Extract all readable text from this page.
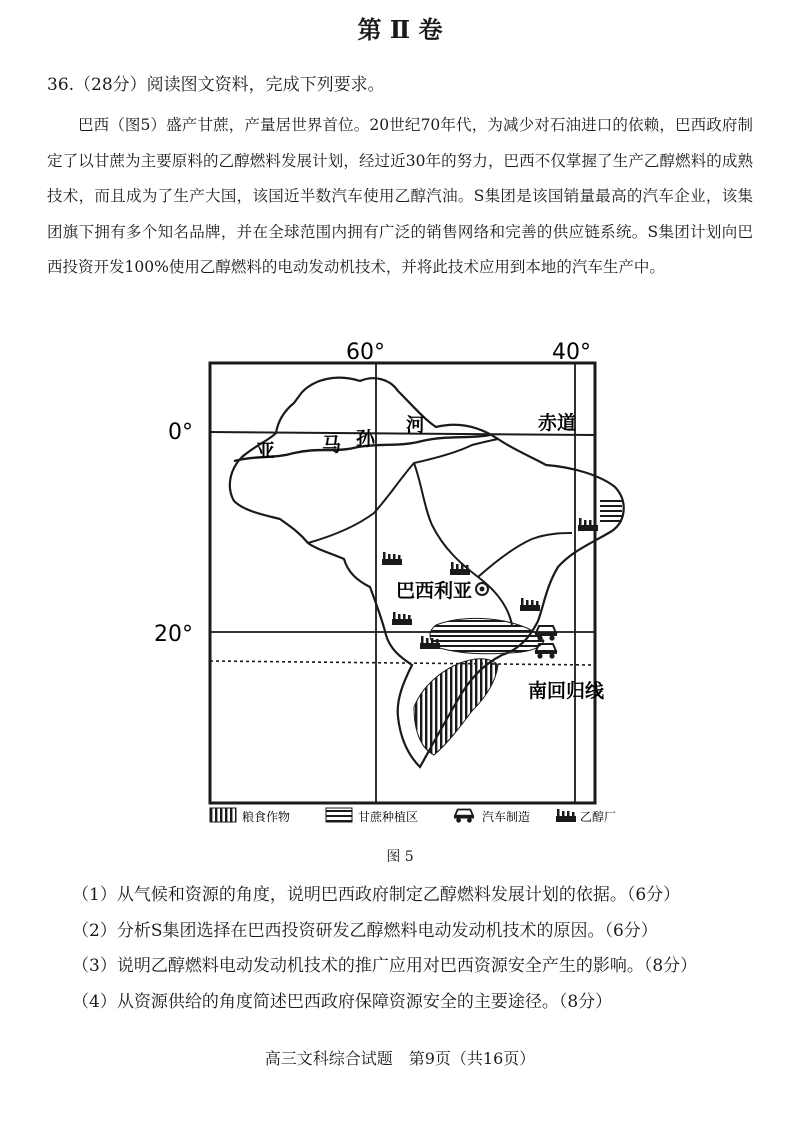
第 Ⅱ 卷
36.（28分）阅读图文资料，完成下列要求。

巴西（图5）盛产甘蔗，产量居世界首位。20世纪70年代，为减少对石油进口的依赖，巴西政府制定了以甘蔗为主要原料的乙醇燃料发展计划，经过近30年的努力，巴西不仅掌握了生产乙醇燃料的成熟技术，而且成为了生产大国，该国近半数汽车使用乙醇汽油。S集团是该国销量最高的汽车企业，该集团旗下拥有多个知名品牌，并在全球范围内拥有广泛的销售网络和完善的供应链系统。S集团计划向巴西投资开发100%使用乙醇燃料的电动发动机技术，并将此技术应用到本地的汽车生产中。

60°	40°
0°
20°
巴西利亚
亚 马 孙
河	赤道
南回归线
粮食作物	甘蔗种植区	汽车制造	乙醇厂
图 5
（1）从气候和资源的角度，说明巴西政府制定乙醇燃料发展计划的依据。（6分）
（2）分析S集团选择在巴西投资研发乙醇燃料电动发动机技术的原因。（6分）
（3）说明乙醇燃料电动发动机技术的推广应用对巴西资源安全产生的影响。（8分）
（4）从资源供给的角度简述巴西政府保障资源安全的主要途径。（8分）
高三文科综合试题　第9页（共16页）
